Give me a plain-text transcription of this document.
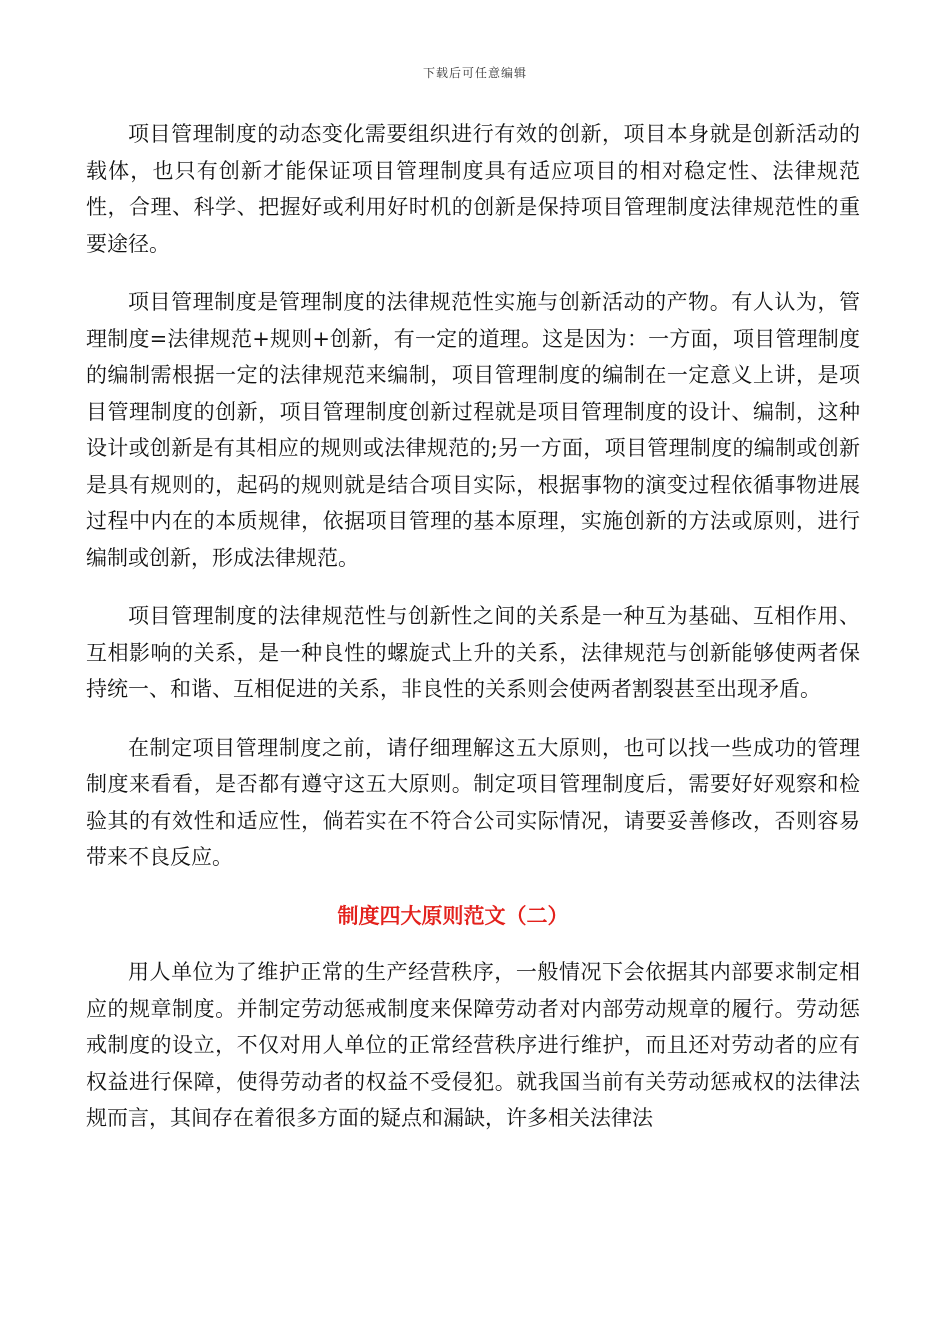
下载后可任意编辑

项目管理制度的动态变化需要组织进行有效的创新，项目本身就是创新活动的载体，也只有创新才能保证项目管理制度具有适应项目的相对稳定性、法律规范性，合理、科学、把握好或利用好时机的创新是保持项目管理制度法律规范性的重要途径。

项目管理制度是管理制度的法律规范性实施与创新活动的产物。有人认为，管理制度=法律规范+规则+创新，有一定的道理。这是因为：一方面，项目管理制度的编制需根据一定的法律规范来编制，项目管理制度的编制在一定意义上讲，是项目管理制度的创新，项目管理制度创新过程就是项目管理制度的设计、编制，这种设计或创新是有其相应的规则或法律规范的;另一方面，项目管理制度的编制或创新是具有规则的，起码的规则就是结合项目实际，根据事物的演变过程依循事物进展过程中内在的本质规律，依据项目管理的基本原理，实施创新的方法或原则，进行编制或创新，形成法律规范。

项目管理制度的法律规范性与创新性之间的关系是一种互为基础、互相作用、互相影响的关系，是一种良性的螺旋式上升的关系，法律规范与创新能够使两者保持统一、和谐、互相促进的关系，非良性的关系则会使两者割裂甚至出现矛盾。

在制定项目管理制度之前，请仔细理解这五大原则，也可以找一些成功的管理制度来看看，是否都有遵守这五大原则。制定项目管理制度后，需要好好观察和检验其的有效性和适应性，倘若实在不符合公司实际情况，请要妥善修改，否则容易带来不良反应。

制度四大原则范文（二）

用人单位为了维护正常的生产经营秩序，一般情况下会依据其内部要求制定相应的规章制度。并制定劳动惩戒制度来保障劳动者对内部劳动规章的履行。劳动惩戒制度的设立，不仅对用人单位的正常经营秩序进行维护，而且还对劳动者的应有权益进行保障，使得劳动者的权益不受侵犯。就我国当前有关劳动惩戒权的法律法规而言，其间存在着很多方面的疑点和漏缺，许多相关法律法
